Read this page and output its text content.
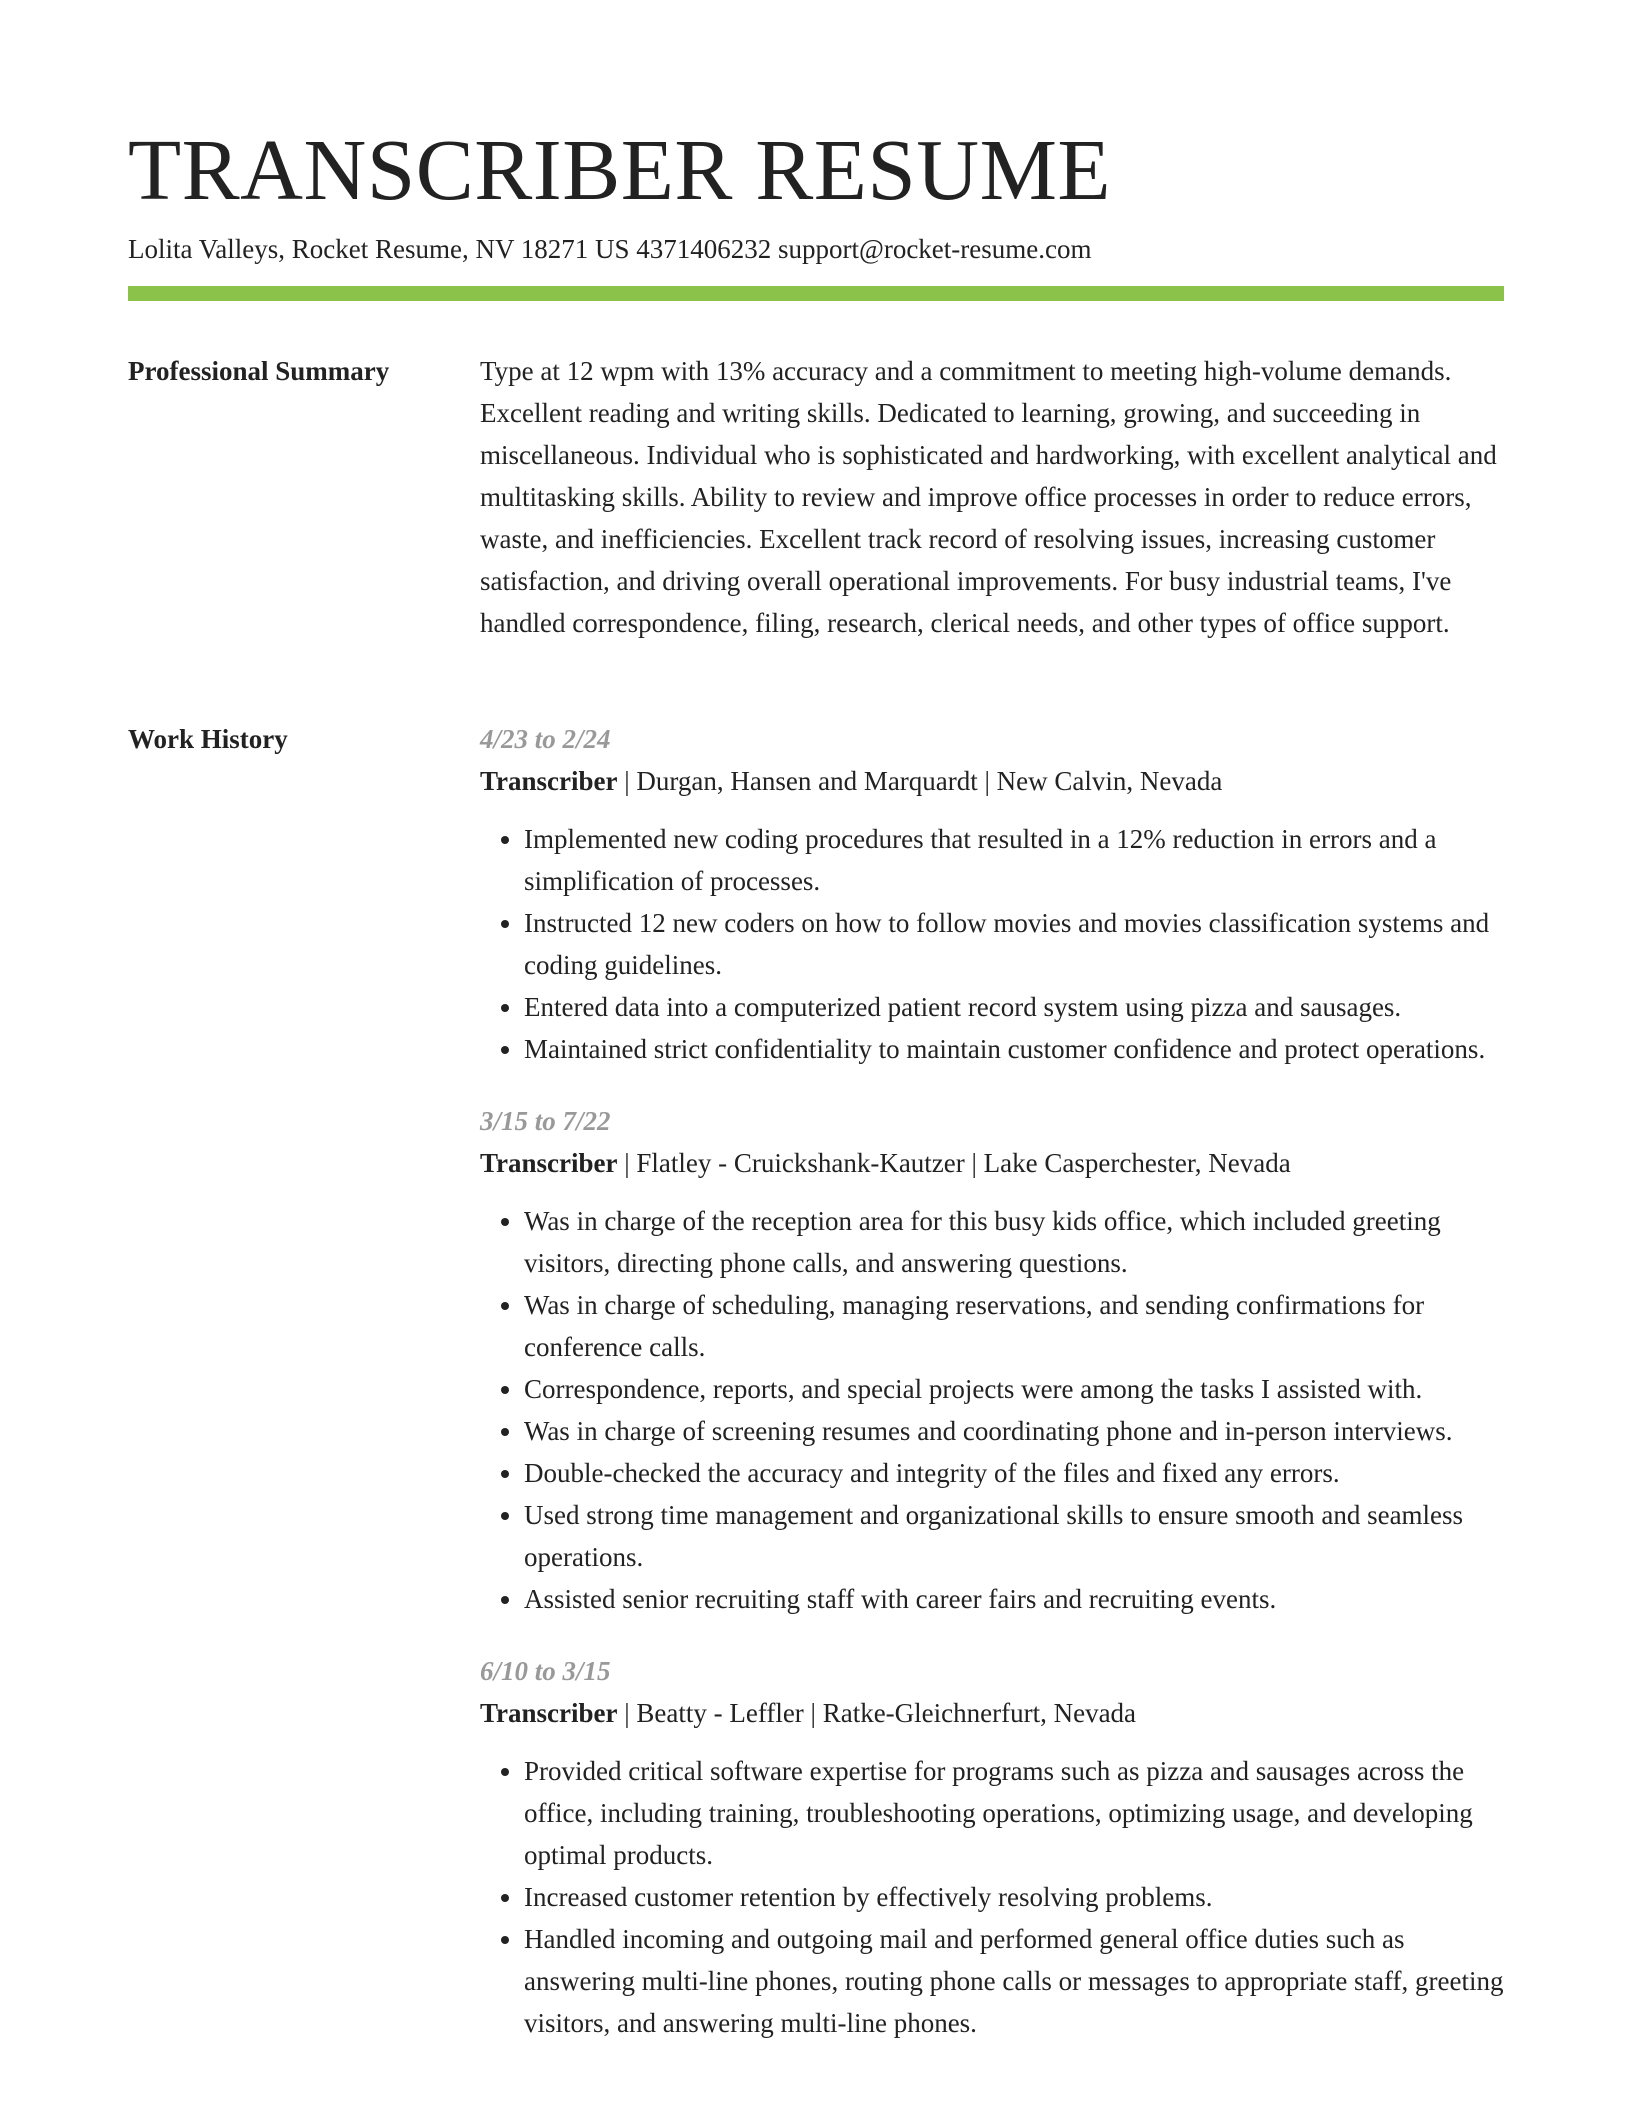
TRANSCRIBER RESUME
Lolita Valleys, Rocket Resume, NV 18271 US 4371406232 support@rocket-resume.com
Professional Summary	Type at 12 wpm with 13% accuracy and a commitment to meeting high-volume demands. Excellent reading and writing skills. Dedicated to learning, growing, and succeeding in miscellaneous. Individual who is sophisticated and hardworking, with excellent analytical and multitasking skills. Ability to review and improve office processes in order to reduce errors, waste, and inefficiencies. Excellent track record of resolving issues, increasing customer satisfaction, and driving overall operational improvements. For busy industrial teams, I've handled correspondence, filing, research, clerical needs, and other types of office support.

Work History	4/23 to 2/24

Transcriber | Durgan, Hansen and Marquardt | New Calvin, Nevada

• Implemented new coding procedures that resulted in a 12% reduction in errors and a simplification of processes.
• Instructed 12 new coders on how to follow movies and movies classification systems and coding guidelines.
• Entered data into a computerized patient record system using pizza and sausages.
• Maintained strict confidentiality to maintain customer confidence and protect operations.

3/15 to 7/22

Transcriber | Flatley - Cruickshank-Kautzer | Lake Casperchester, Nevada

• Was in charge of the reception area for this busy kids office, which included greeting visitors, directing phone calls, and answering questions.
• Was in charge of scheduling, managing reservations, and sending confirmations for conference calls.
• Correspondence, reports, and special projects were among the tasks I assisted with.
• Was in charge of screening resumes and coordinating phone and in-person interviews.
• Double-checked the accuracy and integrity of the files and fixed any errors.
• Used strong time management and organizational skills to ensure smooth and seamless operations.
• Assisted senior recruiting staff with career fairs and recruiting events.

6/10 to 3/15

Transcriber | Beatty - Leffler | Ratke-Gleichnerfurt, Nevada

• Provided critical software expertise for programs such as pizza and sausages across the office, including training, troubleshooting operations, optimizing usage, and developing optimal products.
• Increased customer retention by effectively resolving problems.
• Handled incoming and outgoing mail and performed general office duties such as answering multi-line phones, routing phone calls or messages to appropriate staff, greeting visitors, and answering multi-line phones.
